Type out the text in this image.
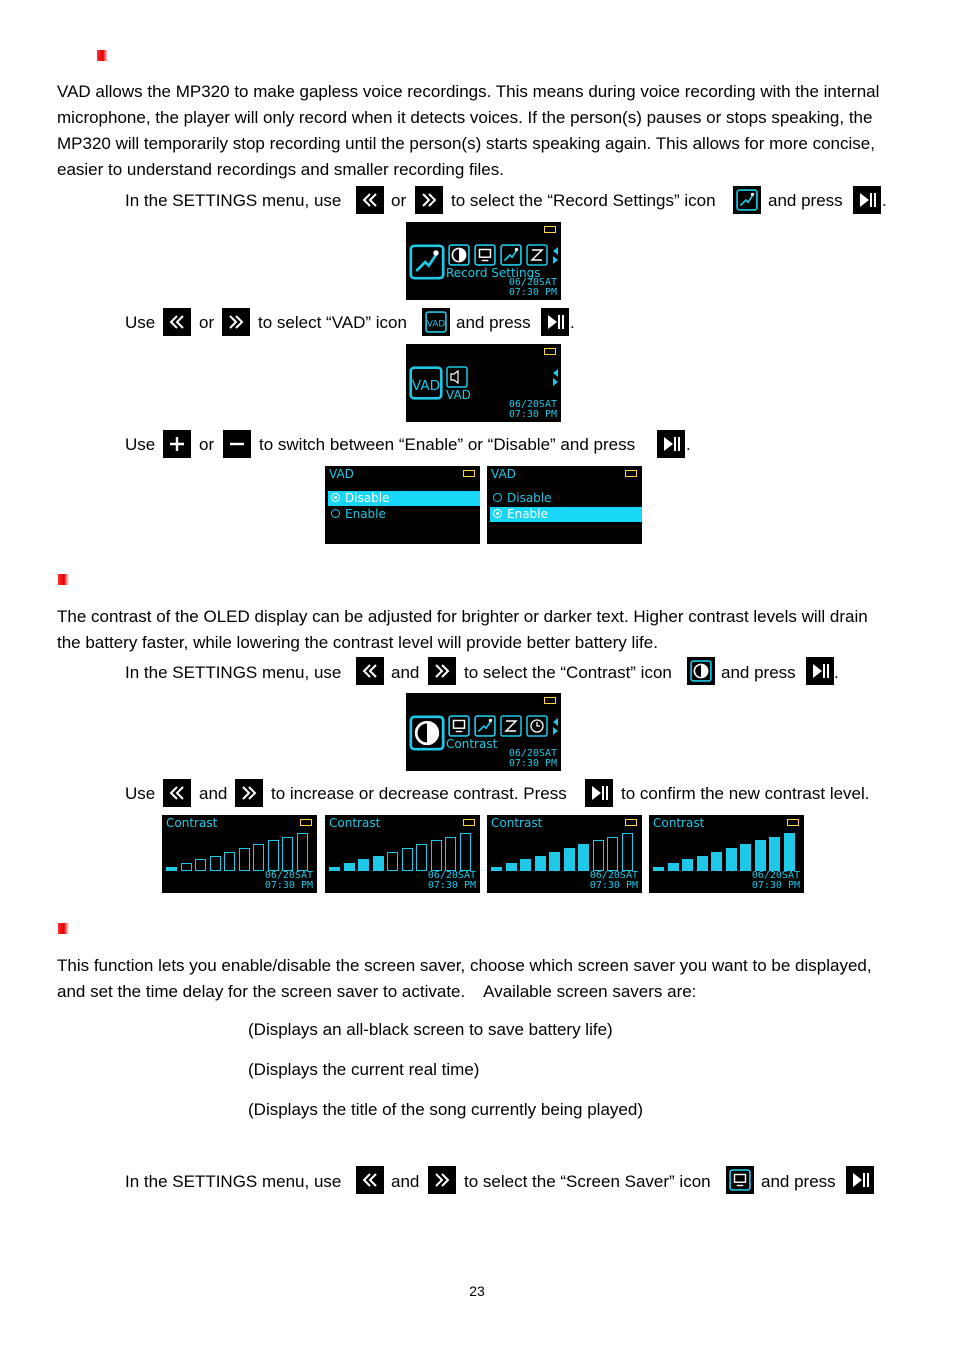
VAD allows the MP320 to make gapless voice recordings. This means during voice recording with the internal
microphone, the player will only record when it detects voices. If the person(s) pauses or stops speaking, the
MP320 will temporarily stop recording until the person(s) starts speaking again. This allows for more concise,
easier to understand recordings and smaller recording files.
In the SETTINGS menu, use	or	to select the “Record Settings” icon	and press .
Record Settings
06/20SAT
07:30 PM
Use	or	to select “VAD” icon	and press .
VAD
06/20SAT
07:30 PM
Use	or	to switch between “Enable” or “Disable” and press	.
VAD
Disable
Enable
VAD
Disable
Enable
The contrast of the OLED display can be adjusted for brighter or darker text. Higher contrast levels will drain
the battery faster, while lowering the contrast level will provide better battery life.
In the SETTINGS menu, use	and	to select the “Contrast” icon	and press .
Contrast
06/20SAT
07:30 PM
Use	and	to increase or decrease contrast. Press	to confirm the new contrast level.
Contrast
06/20SAT
07:30 PM
Contrast
06/20SAT
07:30 PM
Contrast
06/20SAT
07:30 PM
Contrast
06/20SAT
07:30 PM
This function lets you enable/disable the screen saver, choose which screen saver you want to be displayed,
and set the time delay for the screen saver to activate.    Available screen savers are:
(Displays an all-black screen to save battery life)
(Displays the current real time)
(Displays the title of the song currently being played)
In the SETTINGS menu, use	and	to select the “Screen Saver” icon	and press
23
